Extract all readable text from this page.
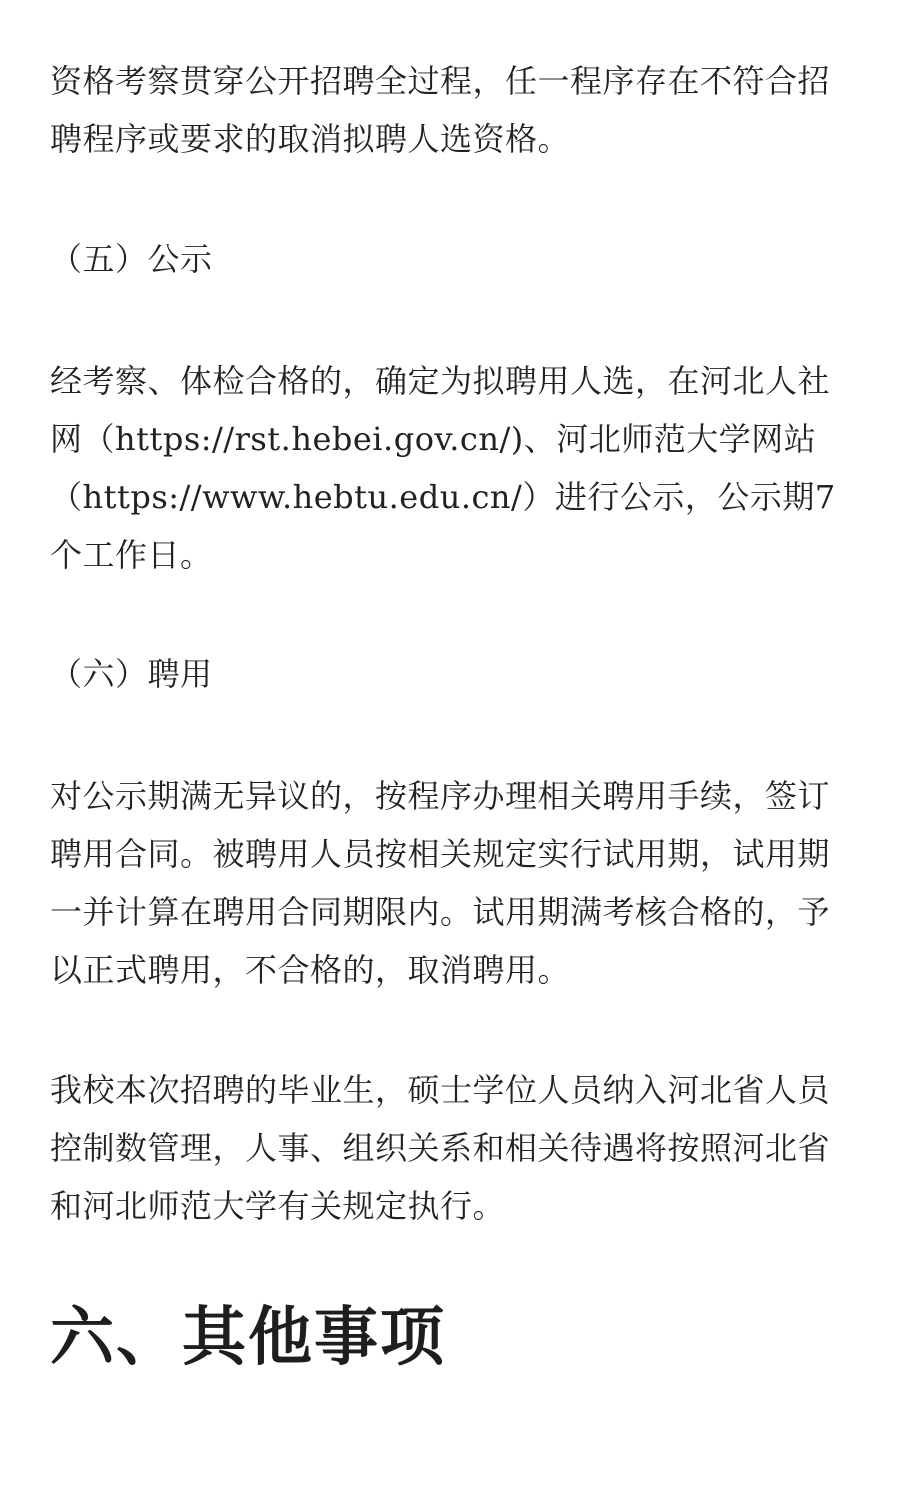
资格考察贯穿公开招聘全过程，任一程序存在不符合招聘程序或要求的取消拟聘人选资格。

（五）公示

经考察、体检合格的，确定为拟聘用人选，在河北人社网（https://rst.hebei.gov.cn/)、河北师范大学网站（https://www.hebtu.edu.cn/）进行公示，公示期7个工作日。

（六）聘用

对公示期满无异议的，按程序办理相关聘用手续，签订聘用合同。被聘用人员按相关规定实行试用期，试用期一并计算在聘用合同期限内。试用期满考核合格的，予以正式聘用，不合格的，取消聘用。

我校本次招聘的毕业生，硕士学位人员纳入河北省人员控制数管理，人事、组织关系和相关待遇将按照河北省和河北师范大学有关规定执行。

六、其他事项
